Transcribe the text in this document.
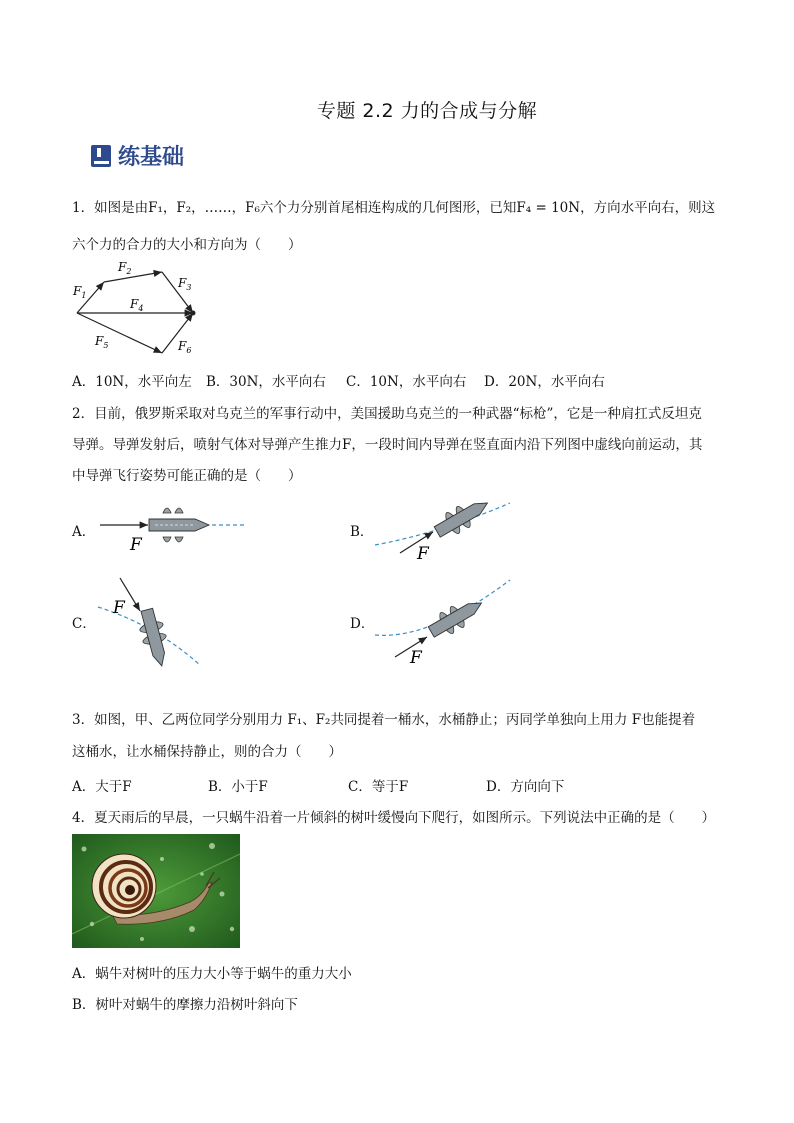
专题 2.2 力的合成与分解
练基础
1．如图是由F₁，F₂，……，F₆六个力分别首尾相连构成的几何图形，已知F₄ = 10N，方向水平向右，则这
六个力的合力的大小和方向为（　　）
$F_1$
$F_2$
$F_3$
$F_4$
$F_5$	$F_6$
A．10N，水平向左 B．30N，水平向右 C．10N，水平向右 D．20N，水平向右
2．目前，俄罗斯采取对乌克兰的军事行动中，美国援助乌克兰的一种武器“标枪”，它是一种肩扛式反坦克
导弹。导弹发射后，喷射气体对导弹产生推力F，一段时间内导弹在竖直面内沿下列图中虚线向前运动，其
中导弹飞行姿势可能正确的是（　　）
A．	B．
C．	D．
F	F
F
F
3．如图，甲、乙两位同学分别用力 F₁、F₂共同提着一桶水，水桶静止；丙同学单独向上用力 F也能提着
这桶水，让水桶保持静止，则的合力（　　）
A．大于F	B．小于F	C．等于F	D．方向向下
4．夏天雨后的早晨，一只蜗牛沿着一片倾斜的树叶缓慢向下爬行，如图所示。下列说法中正确的是（　　）
A．蜗牛对树叶的压力大小等于蜗牛的重力大小
B．树叶对蜗牛的摩擦力沿树叶斜向下
